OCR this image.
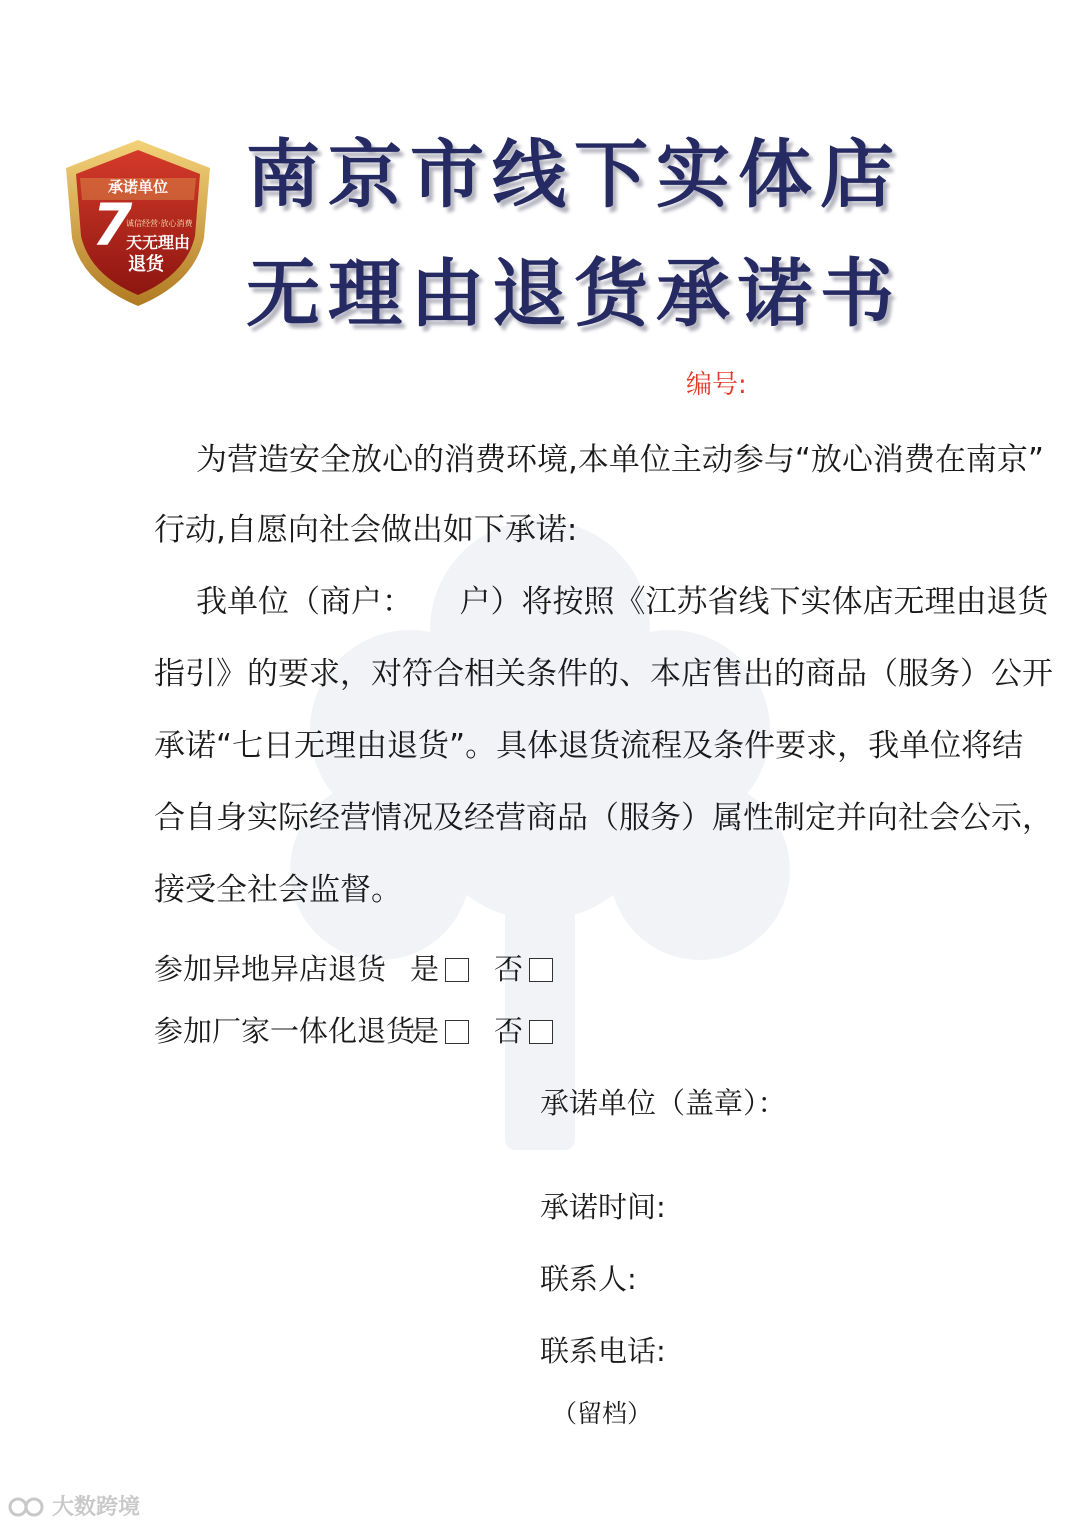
承诺单位
7
诚信经营·放心消费
天无理由
退货
南京市线下实体店
无理由退货承诺书
编号:
为营造安全放心的消费环境,本单位主动参与“放心消费在南京”
行动,自愿向社会做出如下承诺:
我单位（商户：　　户）将按照《江苏省线下实体店无理由退货
指引》的要求，对符合相关条件的、本店售出的商品（服务）公开
承诺“七日无理由退货”。具体退货流程及条件要求，我单位将结
合自身实际经营情况及经营商品（服务）属性制定并向社会公示，
接受全社会监督。
参加异地异店退货 是	否
参加厂家一体化退货
是	否
承诺单位（盖章）：
承诺时间:
联系人:
联系电话:
（留档）
大数跨境
